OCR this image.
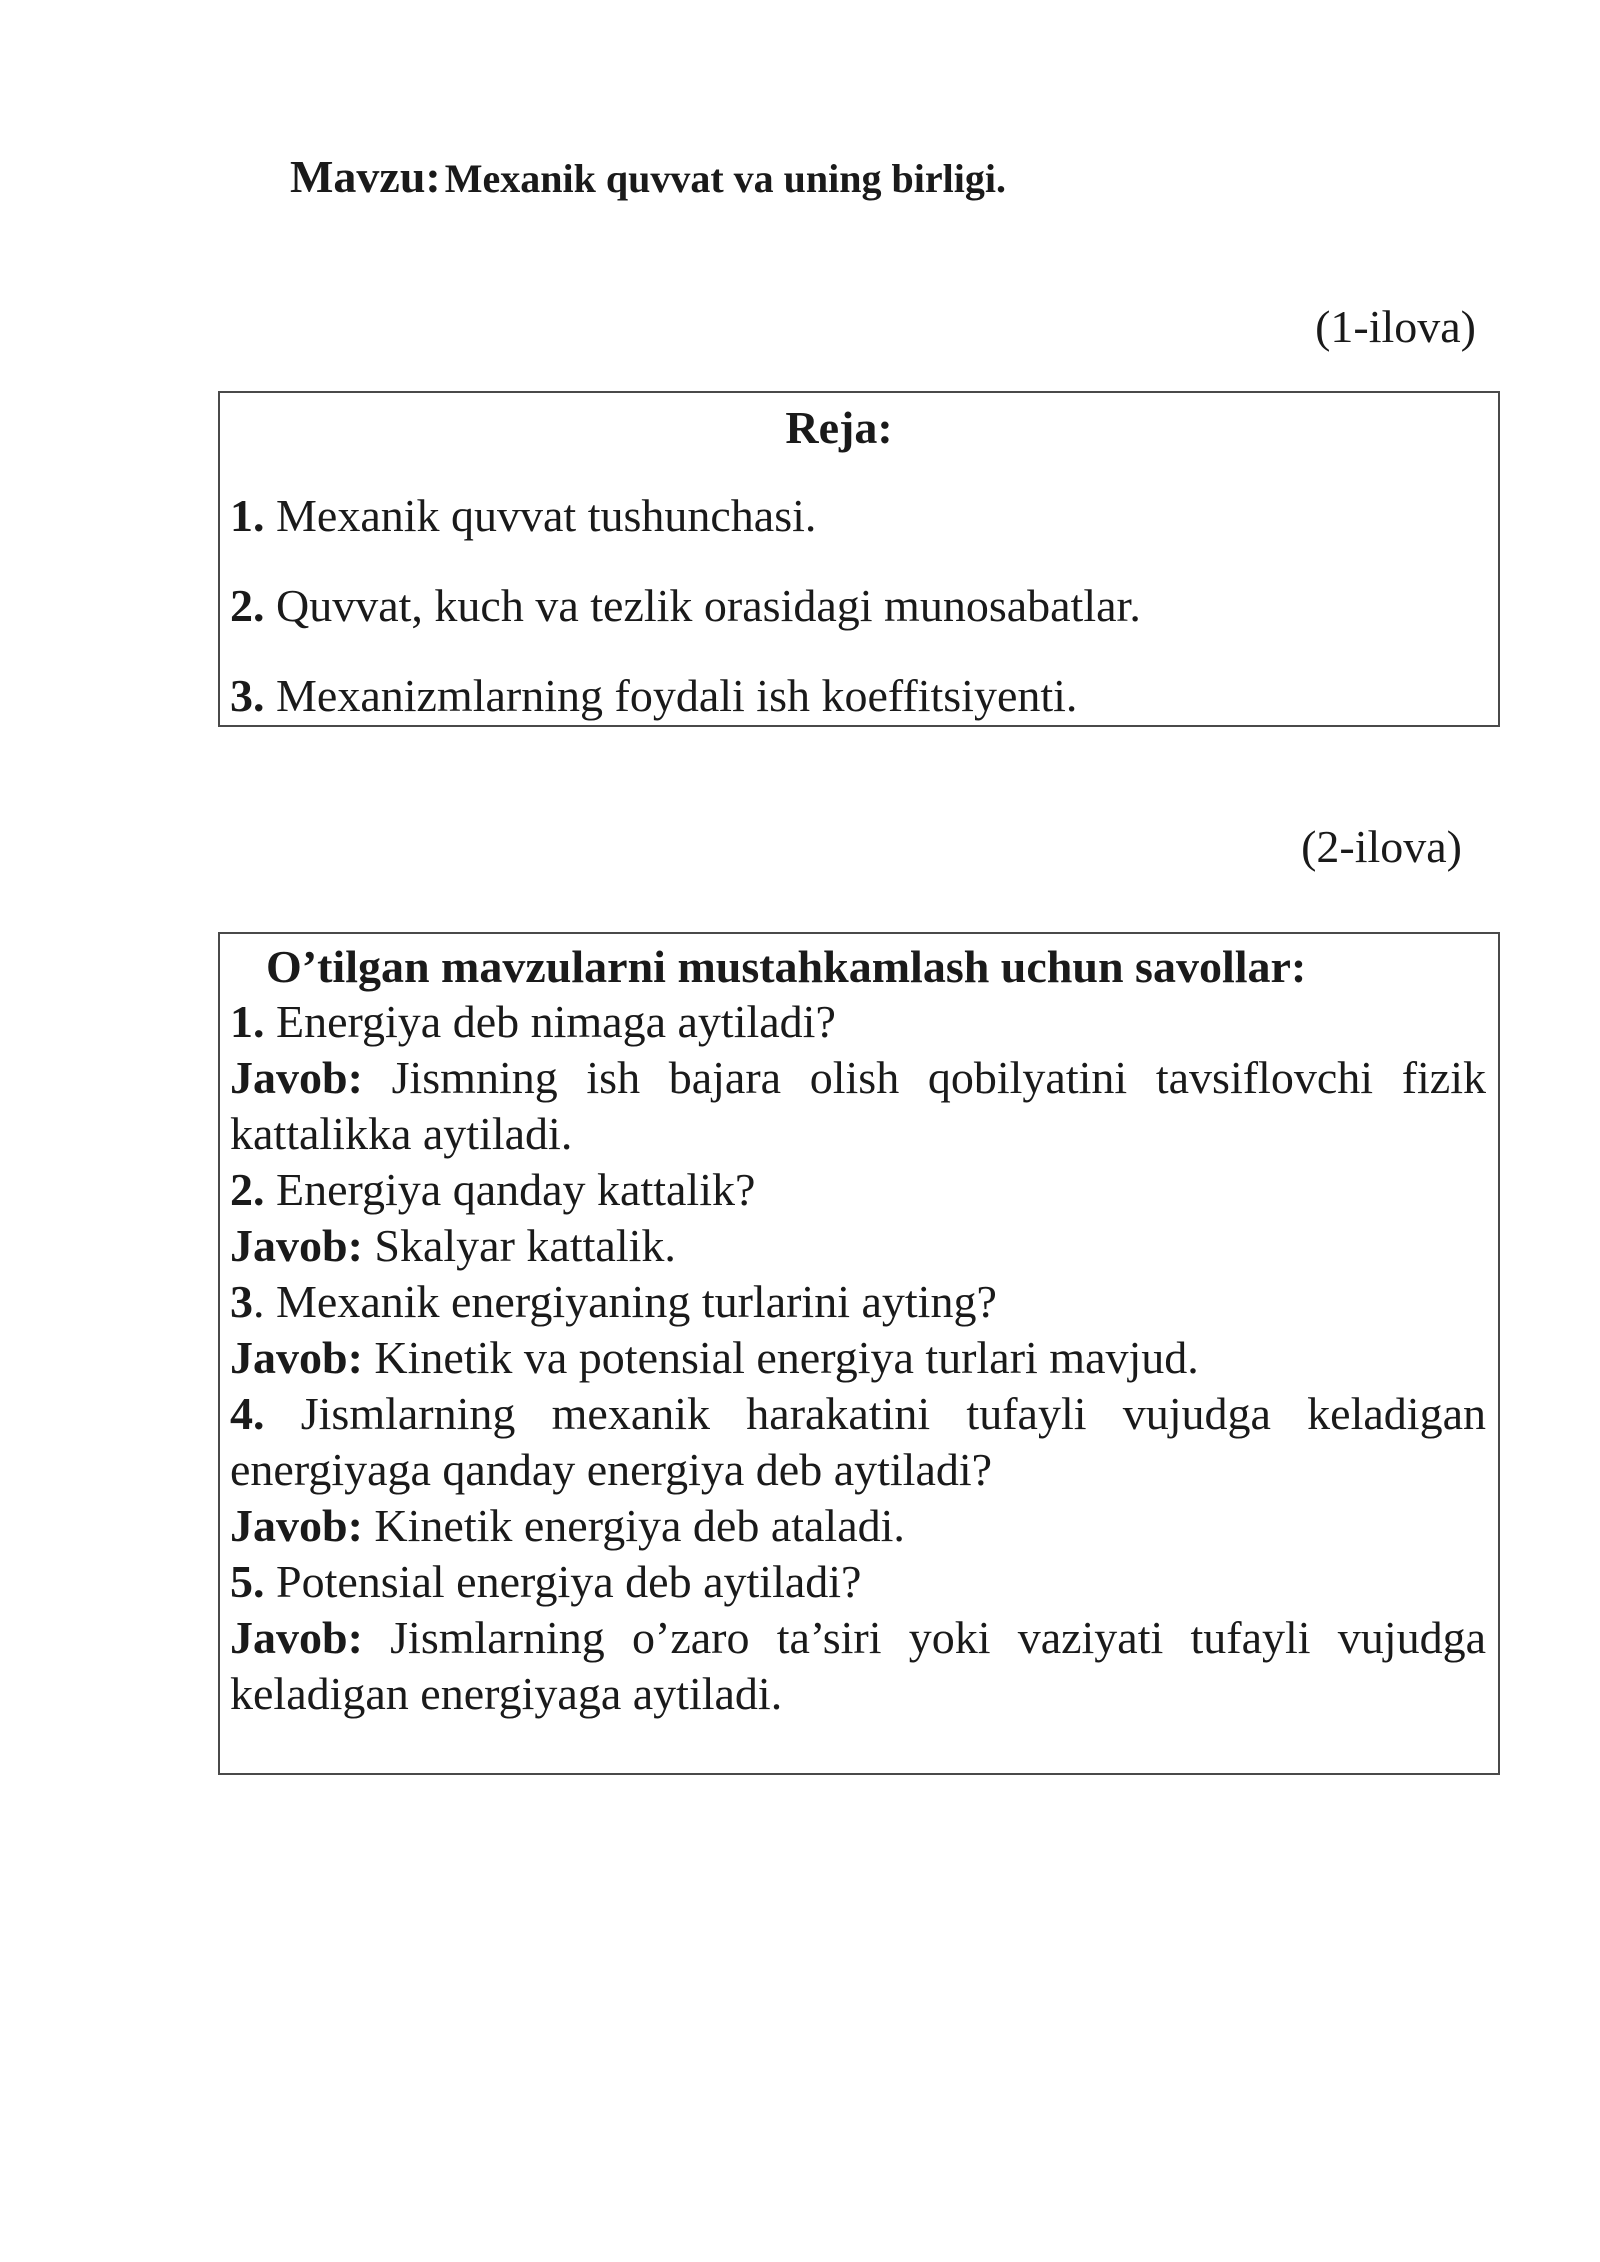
Mavzu: Mexanik quvvat va uning birligi.
(1-ilova)
Reja:
1. Mexanik quvvat tushunchasi.
2. Quvvat, kuch va tezlik orasidagi munosabatlar.
3. Mexanizmlarning foydali ish koeffitsiyenti.
(2-ilova)
O’tilgan mavzularni mustahkamlash uchun savollar:
1. Energiya deb nimaga aytiladi?
Javob: Jismning ish bajara olish qobilyatini tavsiflovchi fizik kattalikka aytiladi.
2. Energiya qanday kattalik?
Javob: Skalyar kattalik.
3. Mexanik energiyaning turlarini ayting?
Javob: Kinetik va potensial energiya turlari mavjud.
4. Jismlarning mexanik harakatini tufayli vujudga keladigan energiyaga qanday energiya deb aytiladi?
Javob: Kinetik energiya deb ataladi.
5. Potensial energiya deb aytiladi?
Javob: Jismlarning o’zaro ta’siri yoki vaziyati tufayli vujudga keladigan energiyaga aytiladi.
